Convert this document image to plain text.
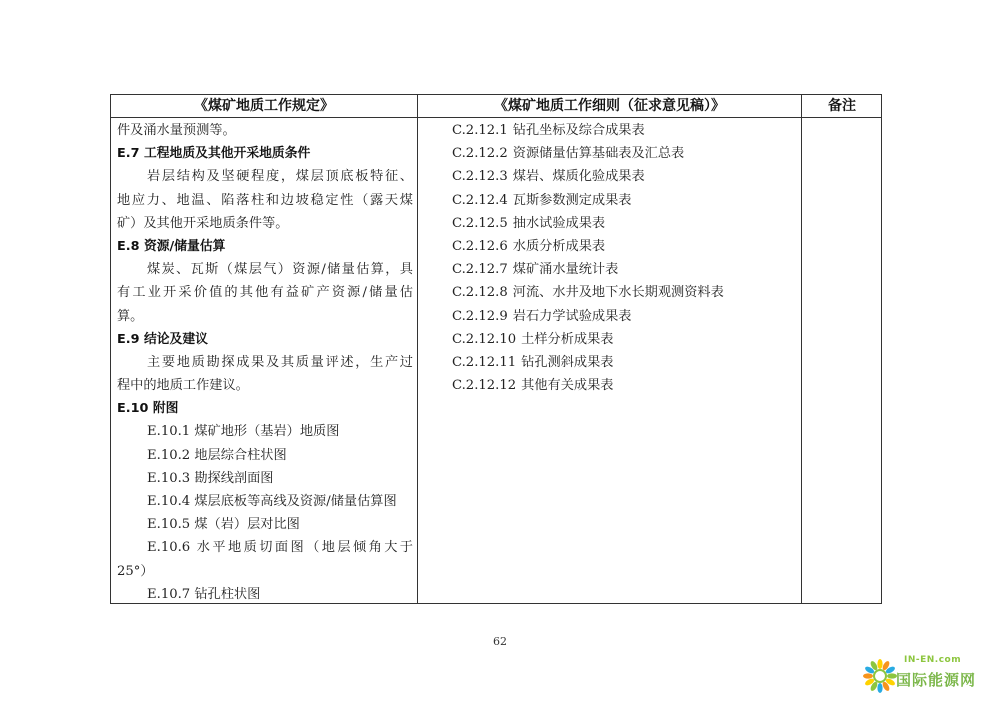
《煤矿地质工作规定》	《煤矿地质工作细则（征求意见稿）》	备注
件及涌水量预测等。
E.7 工程地质及其他开采地质条件
岩层结构及坚硬程度，煤层顶底板特征、
地应力、地温、陷落柱和边坡稳定性（露天煤
矿）及其他开采地质条件等。
E.8 资源/储量估算
煤炭、瓦斯（煤层气）资源/储量估算，具
有工业开采价值的其他有益矿产资源/储量估
算。
E.9 结论及建议
主要地质勘探成果及其质量评述，生产过
程中的地质工作建议。
E.10 附图
E.10.1 煤矿地形（基岩）地质图
E.10.2 地层综合柱状图
E.10.3 勘探线剖面图
E.10.4 煤层底板等高线及资源/储量估算图
E.10.5 煤（岩）层对比图
E.10.6 水平地质切面图（地层倾角大于
25°）
E.10.7 钻孔柱状图
C.2.12.1 钻孔坐标及综合成果表
C.2.12.2 资源储量估算基础表及汇总表
C.2.12.3 煤岩、煤质化验成果表
C.2.12.4 瓦斯参数测定成果表
C.2.12.5 抽水试验成果表
C.2.12.6 水质分析成果表
C.2.12.7 煤矿涌水量统计表
C.2.12.8 河流、水井及地下水长期观测资料表
C.2.12.9 岩石力学试验成果表
C.2.12.10 土样分析成果表
C.2.12.11 钻孔测斜成果表
C.2.12.12 其他有关成果表
62
IN-EN.com
国际能源网
